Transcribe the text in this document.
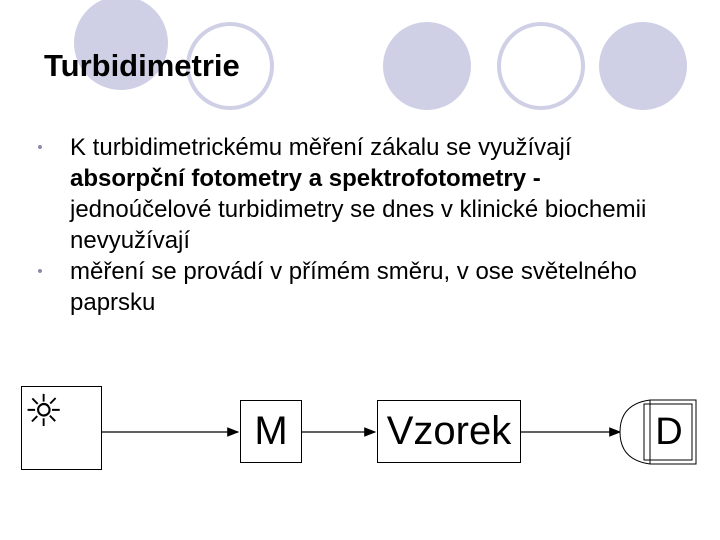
Turbidimetrie

•	K turbidimetrickému měření zákalu se využívají absorpční fotometry a spektrofotometry - jednoúčelové turbidimetry se dnes v klinické biochemii nevyužívají

•	měření se provádí v přímém směru, v ose světelného paprsku

☼	M Vzorek	D
